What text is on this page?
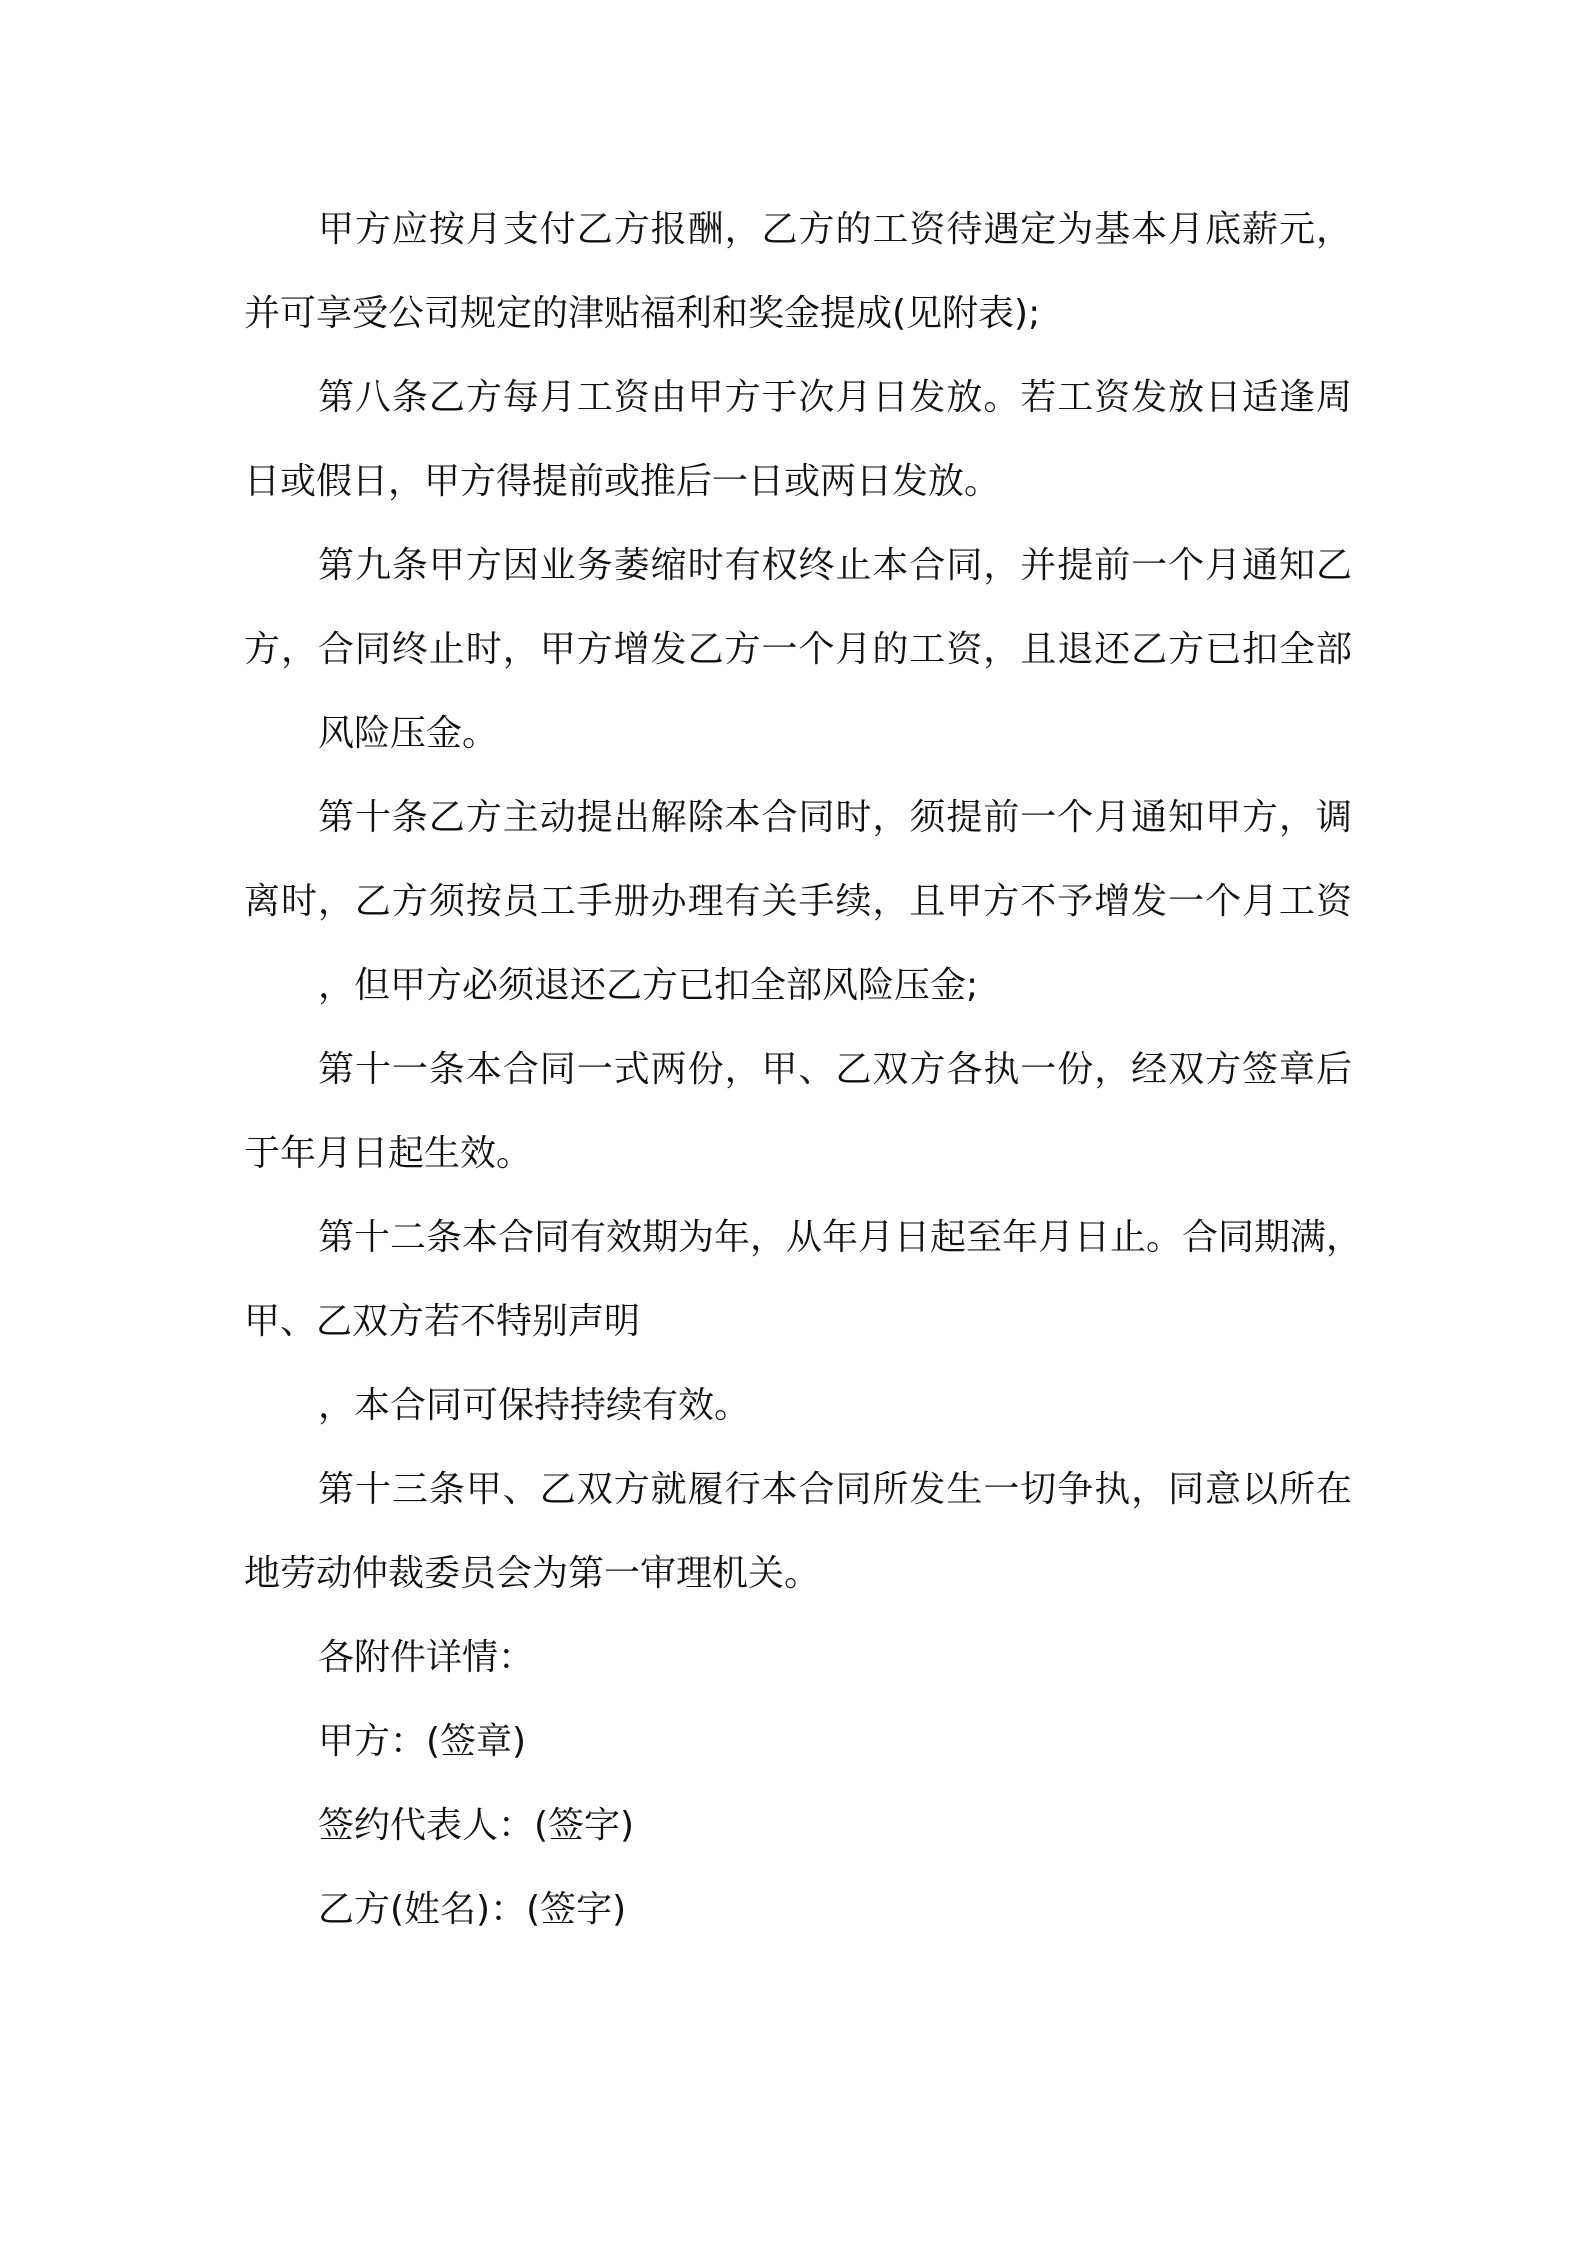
甲方应按月支付乙方报酬，乙方的工资待遇定为基本月底薪元，
并可享受公司规定的津贴福利和奖金提成(见附表);
第八条乙方每月工资由甲方于次月日发放。若工资发放日适逢周
日或假日，甲方得提前或推后一日或两日发放。
第九条甲方因业务萎缩时有权终止本合同，并提前一个月通知乙
方，合同终止时，甲方增发乙方一个月的工资，且退还乙方已扣全部
风险压金。
第十条乙方主动提出解除本合同时，须提前一个月通知甲方，调
离时，乙方须按员工手册办理有关手续，且甲方不予增发一个月工资
，但甲方必须退还乙方已扣全部风险压金;
第十一条本合同一式两份，甲、乙双方各执一份，经双方签章后
于年月日起生效。
第十二条本合同有效期为年，从年月日起至年月日止。合同期满，
甲、乙双方若不特别声明
，本合同可保持持续有效。
第十三条甲、乙双方就履行本合同所发生一切争执，同意以所在
地劳动仲裁委员会为第一审理机关。
各附件详情：
甲方：(签章)
签约代表人：(签字)
乙方(姓名)：(签字)
